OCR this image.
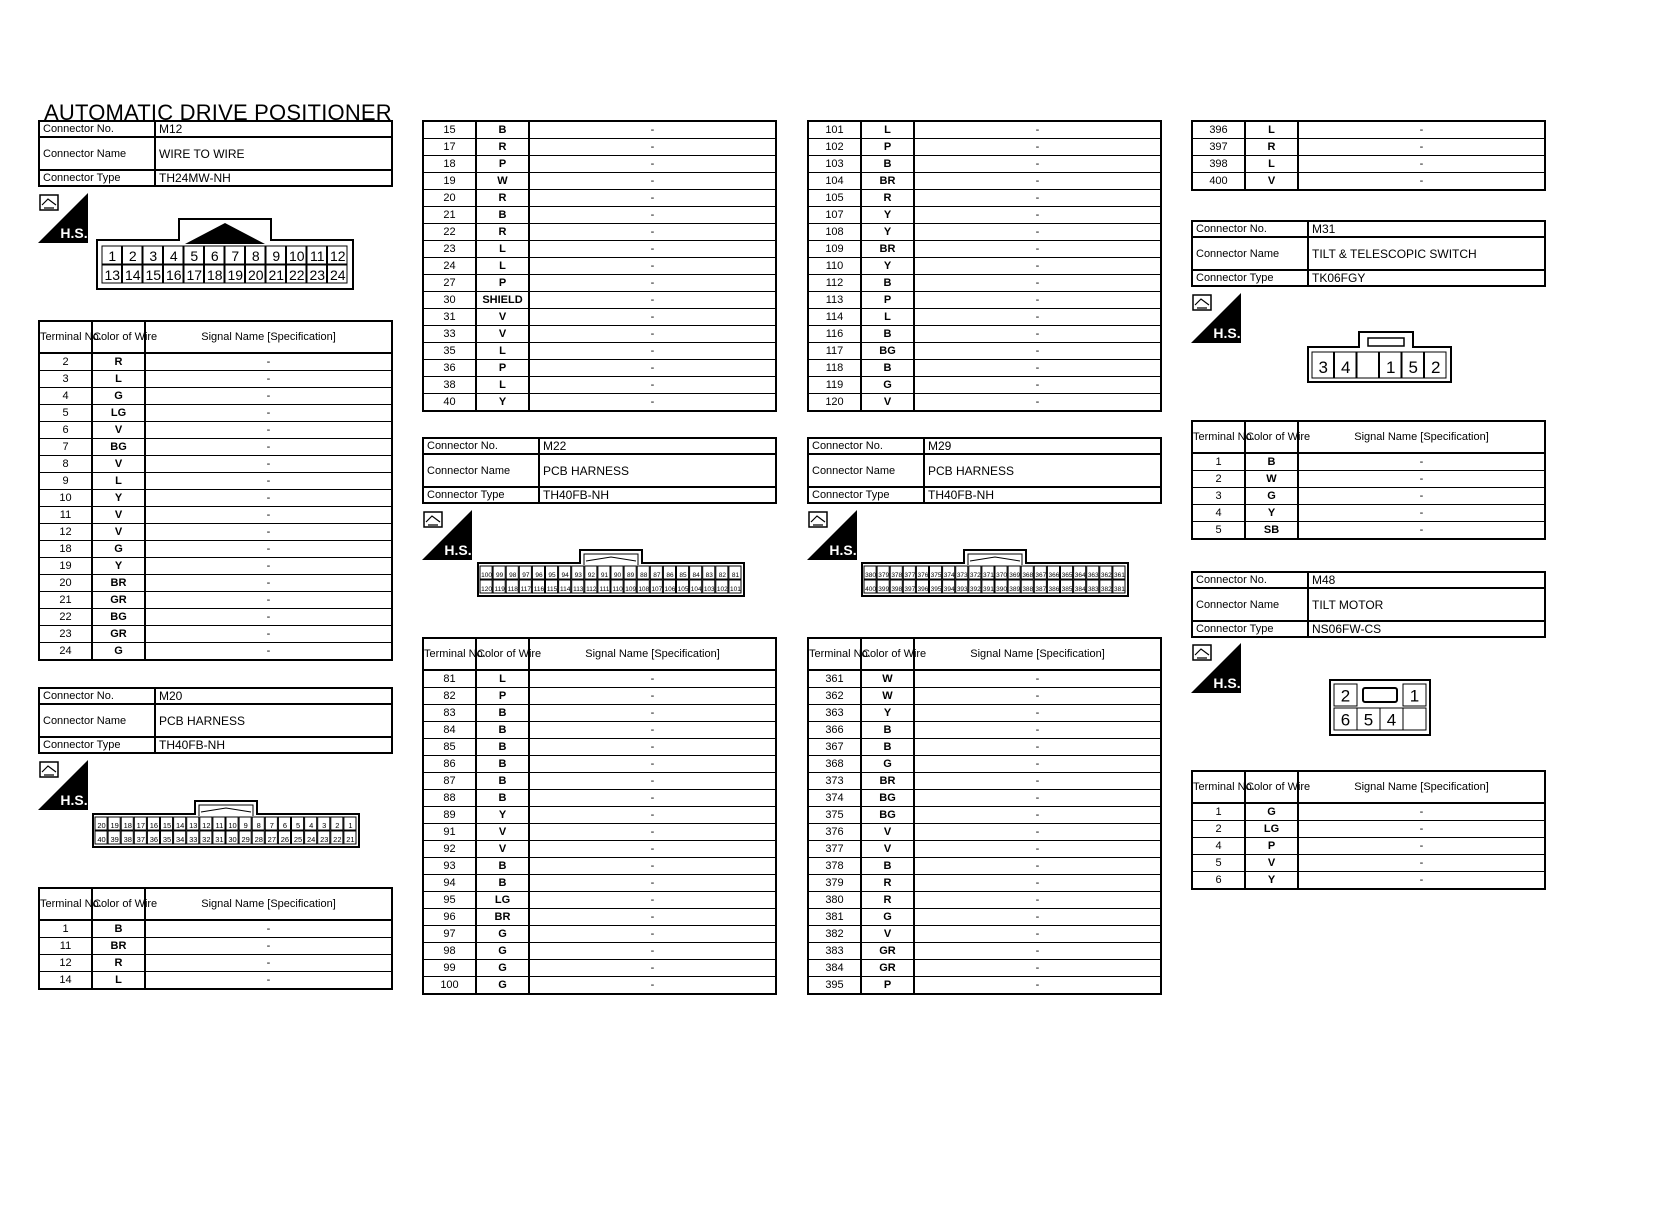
AUTOMATIC DRIVE POSITIONER
Connector No.	M12
Connector Name	WIRE TO WIRE
Connector Type	TH24MW-NH
Connector No.	M20
Connector Name	PCB HARNESS
Connector Type	TH40FB-NH
Connector No.	M22
Connector Name	PCB HARNESS
Connector Type	TH40FB-NH
Connector No.	M29
Connector Name	PCB HARNESS
Connector Type	TH40FB-NH
Connector No.	M31
Connector Name	TILT & TELESCOPIC SWITCH
Connector Type	TK06FGY
Connector No.	M48
Connector Name	TILT MOTOR
Connector Type	NS06FW-CS
H.S.
H.S.
H.S.	H.S.
H.S.
H.S.
1 2 3 4 5 6 7 8 9 10 11 12
13 14 15 16 17 18 19 20 21 22 23 24
20 19 18 17 16 15 14 13 12 11 10 9 8 7 6 5 4 3 2 1
40 39 38 37 36 35 34 33 32 31 30 29 28 27 26 25 24 23 22 21
100 99 98 97 96 95 94 93 92 91 90 89 88 87 86 85 84 83 82 81
120 119 118 117 116 115 114 113 112 111 110 109 108 107 106 105 104 103 102 101
380 379 378 377 376 375 374 373 372 371 370 369 368 367 366 365 364 363 362 361
400 399 398 397 396 395 394 393 392 391 390 389 388 387 386 385 384 383 382 381
3 4 1 5 2
2	1
6 5 4
Terminal No.	Color of Wire	Signal Name [Specification]
2	R	-
3	L	-
4	G	-
5	LG	-
6	V	-
7	BG	-
8	V	-
9	L	-
10	Y	-
11	V	-
12	V	-
18	G	-
19	Y	-
20	BR	-
21	GR	-
22	BG	-
23	GR	-
24	G	-
15	B	-
17	R	-
18	P	-
19	W	-
20	R	-
21	B	-
22	R	-
23	L	-
24	L	-
27	P	-
30	SHIELD	-
31	V	-
33	V	-
35	L	-
36	P	-
38	L	-
40	Y	-
Terminal No.	Color of Wire	Signal Name [Specification]
1	B	-
11	BR	-
12	R	-
14	L	-
Terminal No.	Color of Wire	Signal Name [Specification]
81	L	-
82	P	-
83	B	-
84	B	-
85	B	-
86	B	-
87	B	-
88	B	-
89	Y	-
91	V	-
92	V	-
93	B	-
94	B	-
95	LG	-
96	BR	-
97	G	-
98	G	-
99	G	-
100	G	-
101	L	-
102	P	-
103	B	-
104	BR	-
105	R	-
107	Y	-
108	Y	-
109	BR	-
110	Y	-
112	B	-
113	P	-
114	L	-
116	B	-
117	BG	-
118	B	-
119	G	-
120	V	-
Terminal No.	Color of Wire	Signal Name [Specification]
361	W	-
362	W	-
363	Y	-
366	B	-
367	B	-
368	G	-
373	BR	-
374	BG	-
375	BG	-
376	V	-
377	V	-
378	B	-
379	R	-
380	R	-
381	G	-
382	V	-
383	GR	-
384	GR	-
395	P	-
396	L	-
397	R	-
398	L	-
400	V	-
Terminal No.	Color of Wire	Signal Name [Specification]
1	B	-
2	W	-
3	G	-
4	Y	-
5	SB	-
Terminal No.	Color of Wire	Signal Name [Specification]
1	G	-
2	LG	-
4	P	-
5	V	-
6	Y	-
